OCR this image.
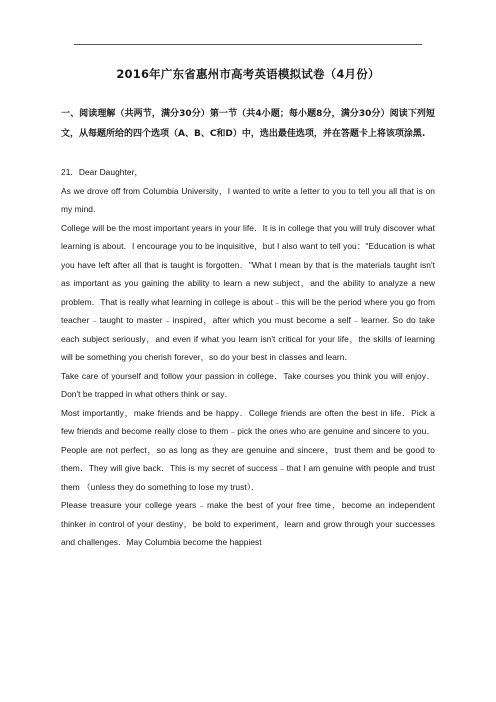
2016年广东省惠州市高考英语模拟试卷（4月份）
一、阅读理解（共两节，满分30分）第一节（共4小题；每小题8分，满分30分）阅读下列短文，从每题所给的四个选项（A、B、C和D）中，选出最佳选项，并在答题卡上将该项涂黑.

21．Dear Daughter，

As we drove off from Columbia University，I wanted to write a letter to you to tell you all that is on my mind．

College will be the most important years in your life．It is in college that you will truly discover what learning is about．I encourage you to be inquisitive，but I also want to tell you："Education is what you have left after all that is taught is forgotten．"What I mean by that is the materials taught isn't as important as you gaining the ability to learn a new subject，and the ability to analyze a new problem．That is really what learning in college is about﹣this will be the period where you go from teacher﹣taught to master﹣inspired，after which you must become a self﹣learner. So do take each subject seriously，and even if what you learn isn't critical for your life，the skills of learning will be something you cherish forever，so do your best in classes and learn．

Take care of yourself and follow your passion in college．Take courses you think you will enjoy．Don't be trapped in what others think or say．

Most importantly，make friends and be happy．College friends are often the best in life．Pick a few friends and become really close to them﹣pick the ones who are genuine and sincere to you．People are not perfect，so as long as they are genuine and sincere，trust them and be good to them．They will give back．This is my secret of success﹣that I am genuine with people and trust them （unless they do something to lose my trust）．

Please treasure your college years﹣make the best of your free time，become an independent thinker in control of your destiny，be bold to experiment，learn and grow through your successes and challenges．May Columbia become the happiest
